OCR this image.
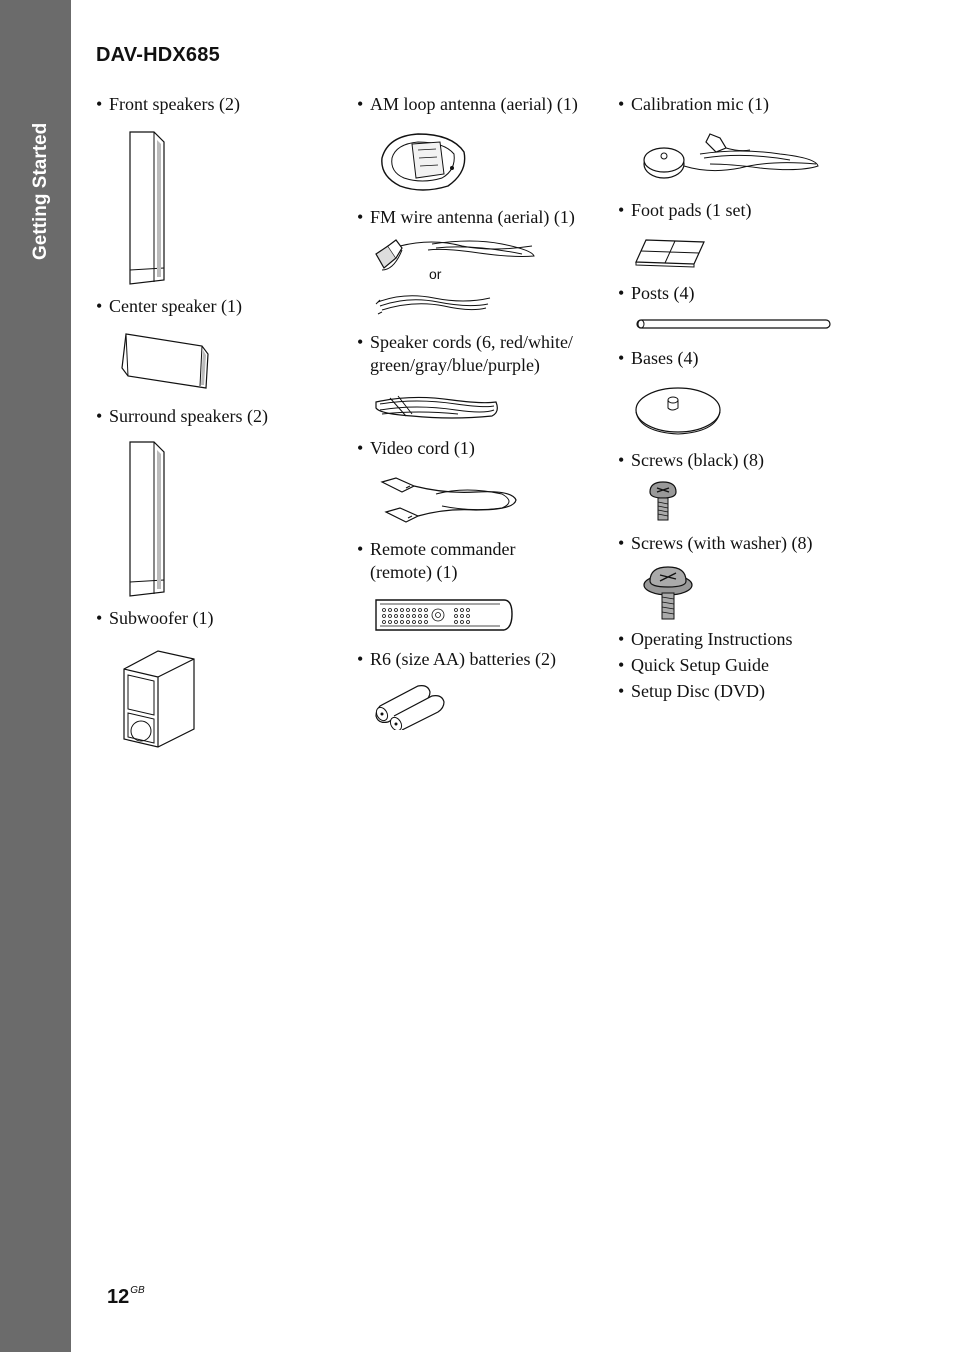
Getting Started
DAV-HDX685
• Front speakers (2)
• Center speaker (1)
• Surround speakers (2)
• Subwoofer (1)
• AM loop antenna (aerial) (1)
• FM wire antenna (aerial) (1)
or
• Speaker cords (6, red/white/
green/gray/blue/purple)
• Video cord (1)
• Remote commander
(remote) (1)
• R6 (size AA) batteries (2)
• Calibration mic (1)
• Foot pads (1 set)
• Posts (4)
• Bases (4)
• Screws (black) (8)
• Screws (with washer) (8)
• Operating Instructions
• Quick Setup Guide
• Setup Disc (DVD)
$12^{GB}$
